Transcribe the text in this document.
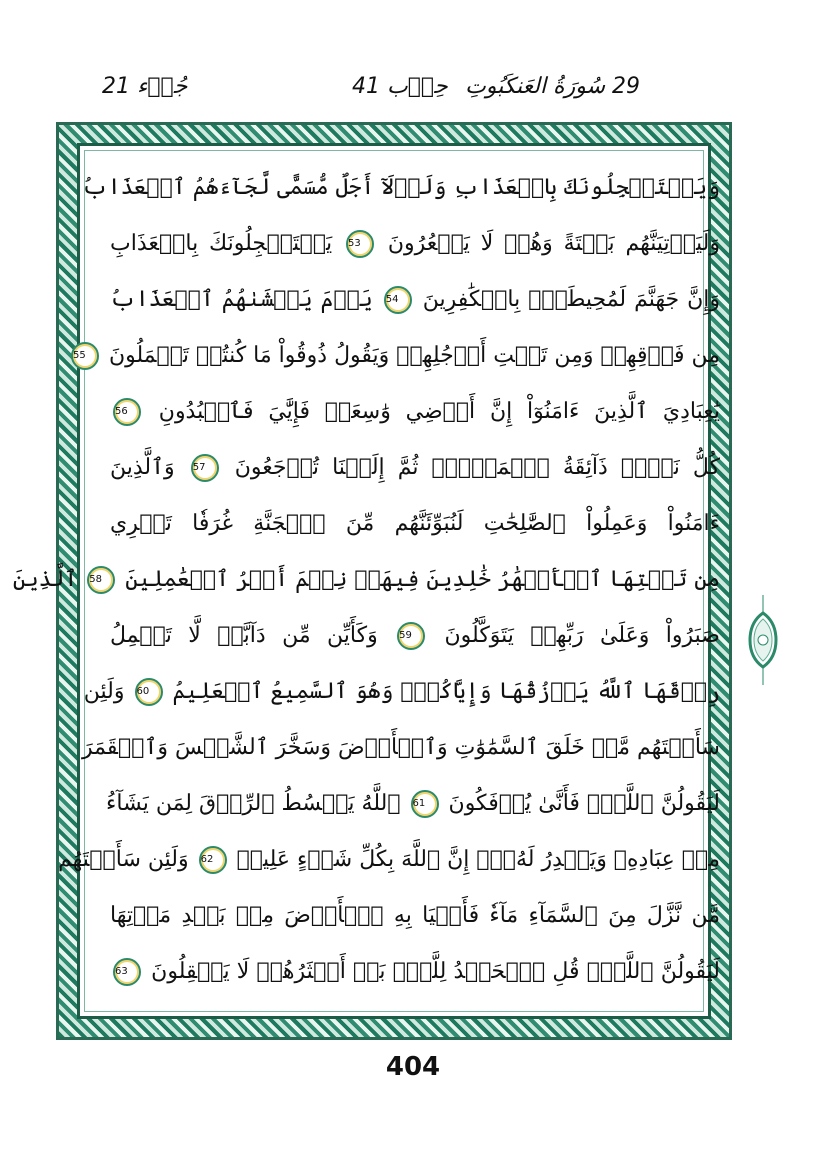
جُزۡء 21	حِزۡب 41 29 سُورَةُ العَنكَبُوتِ
وَيَسۡتَعۡجِلُونَكَ بِالۡعَذَابِ وَلَوۡلَآ أَجَلٌ مُّسَمًّى لَّجَآءَهُمُ ٱلۡعَذَابُ
وَلَيَأۡتِيَنَّهُم بَغۡتَةً وَهُمۡ لَا يَشۡعُرُونَ 53 يَسۡتَعۡجِلُونَكَ بِالۡعَذَابِ
وَإِنَّ جَهَنَّمَ لَمُحِيطَةُۢ بِالۡكَٰفِرِينَ 54 يَوۡمَ يَغۡشَىٰهُمُ ٱلۡعَذَابُ
مِن فَوۡقِهِمۡ وَمِن تَحۡتِ أَرۡجُلِهِمۡ وَيَقُولُ ذُوقُواْ مَا كُنتُمۡ تَعۡمَلُونَ 55
يَٰعِبَادِيَ ٱلَّذِينَ ءَامَنُوٓاْ إِنَّ أَرۡضِي وَٰسِعَةٞ فَإِيَّٰيَ فَٱعۡبُدُونِ 56
كُلُّ نَفۡسٖ ذَآئِقَةُ ٱلۡمَوۡتِۖ ثُمَّ إِلَيۡنَا تُرۡجَعُونَ 57 وَٱلَّذِينَ
ءَامَنُواْ وَعَمِلُواْ ٱلصَّٰلِحَٰتِ لَنُبَوِّئَنَّهُم مِّنَ ٱلۡجَنَّةِ غُرَفٗا تَجۡرِي
مِن تَحۡتِهَا ٱلۡأَنۡهَٰرُ خَٰلِدِينَ فِيهَاۚ نِعۡمَ أَجۡرُ ٱلۡعَٰمِلِينَ 58 ٱلَّذِينَ
صَبَرُواْ وَعَلَىٰ رَبِّهِمۡ يَتَوَكَّلُونَ 59 وَكَأَيِّن مِّن دَآبَّةٖ لَّا تَحۡمِلُ
رِزۡقَهَا ٱللَّهُ يَرۡزُقُهَا وَإِيَّاكُمۡۚ وَهُوَ ٱلسَّمِيعُ ٱلۡعَلِيمُ 60 وَلَئِن
سَأَلۡتَهُم مَّنۡ خَلَقَ ٱلسَّمَٰوَٰتِ وَٱلۡأَرۡضَ وَسَخَّرَ ٱلشَّمۡسَ وَٱلۡقَمَرَ
لَيَقُولُنَّ ٱللَّهُۖ فَأَنَّىٰ يُؤۡفَكُونَ 61 ٱللَّهُ يَبۡسُطُ ٱلرِّزۡقَ لِمَن يَشَآءُ
مِنۡ عِبَادِهِۦ وَيَقۡدِرُ لَهُۥٓۚ إِنَّ ٱللَّهَ بِكُلِّ شَيۡءٍ عَلِيمٞ 62 وَلَئِن سَأَلۡتَهُم
مَّن نَّزَّلَ مِنَ ٱلسَّمَآءِ مَآءٗ فَأَحۡيَا بِهِ ٱلۡأَرۡضَ مِنۢ بَعۡدِ مَوۡتِهَا
لَيَقُولُنَّ ٱللَّهُۚ قُلِ ٱلۡحَمۡدُ لِلَّهِۚ بَلۡ أَكۡثَرُهُمۡ لَا يَعۡقِلُونَ 63
404
